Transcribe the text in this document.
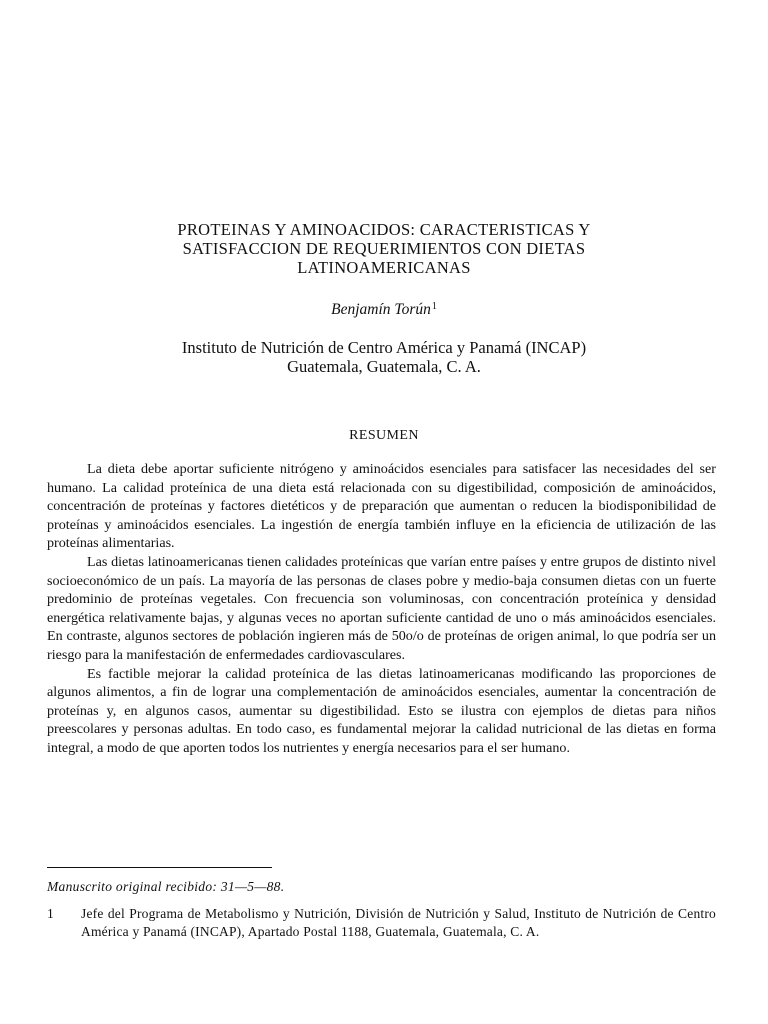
PROTEINAS Y AMINOACIDOS: CARACTERISTICAS Y
SATISFACCION DE REQUERIMIENTOS CON DIETAS
LATINOAMERICANAS
Benjamín Torún$^1$
Instituto de Nutrición de Centro América y Panamá (INCAP)
Guatemala, Guatemala, C. A.
RESUMEN

La dieta debe aportar suficiente nitrógeno y aminoácidos esenciales para satisfacer las necesidades del ser humano. La calidad proteínica de una dieta está relacionada con su digestibilidad, composición de aminoácidos, concentración de proteínas y factores dietéticos y de preparación que aumentan o reducen la biodisponibilidad de proteínas y aminoácidos esenciales. La ingestión de energía también influye en la eficiencia de utilización de las proteínas alimentarias.

Las dietas latinoamericanas tienen calidades proteínicas que varían entre países y entre grupos de distinto nivel socioeconómico de un país. La mayoría de las personas de clases pobre y medio-baja consumen dietas con un fuerte predominio de proteínas vegetales. Con frecuencia son voluminosas, con concentración proteínica y densidad energética relativamente bajas, y algunas veces no aportan suficiente cantidad de uno o más aminoácidos esenciales. En contraste, algunos sectores de población ingieren más de 50o/o de proteínas de origen animal, lo que podría ser un riesgo para la manifestación de enfermedades cardiovasculares.

Es factible mejorar la calidad proteínica de las dietas latinoamericanas modificando las proporciones de algunos alimentos, a fin de lograr una complementación de aminoácidos esenciales, aumentar la concentración de proteínas y, en algunos casos, aumentar su digestibilidad. Esto se ilustra con ejemplos de dietas para niños preescolares y personas adultas. En todo caso, es fundamental mejorar la calidad nutricional de las dietas en forma integral, a modo de que aporten todos los nutrientes y energía necesarios para el ser humano.

Manuscrito original recibido: 31—5—88.
1 Jefe del Programa de Metabolismo y Nutrición, División de Nutrición y Salud, Instituto de Nutrición de Centro América y Panamá (INCAP), Apartado Postal 1188, Guatemala, Guatemala, C. A.
